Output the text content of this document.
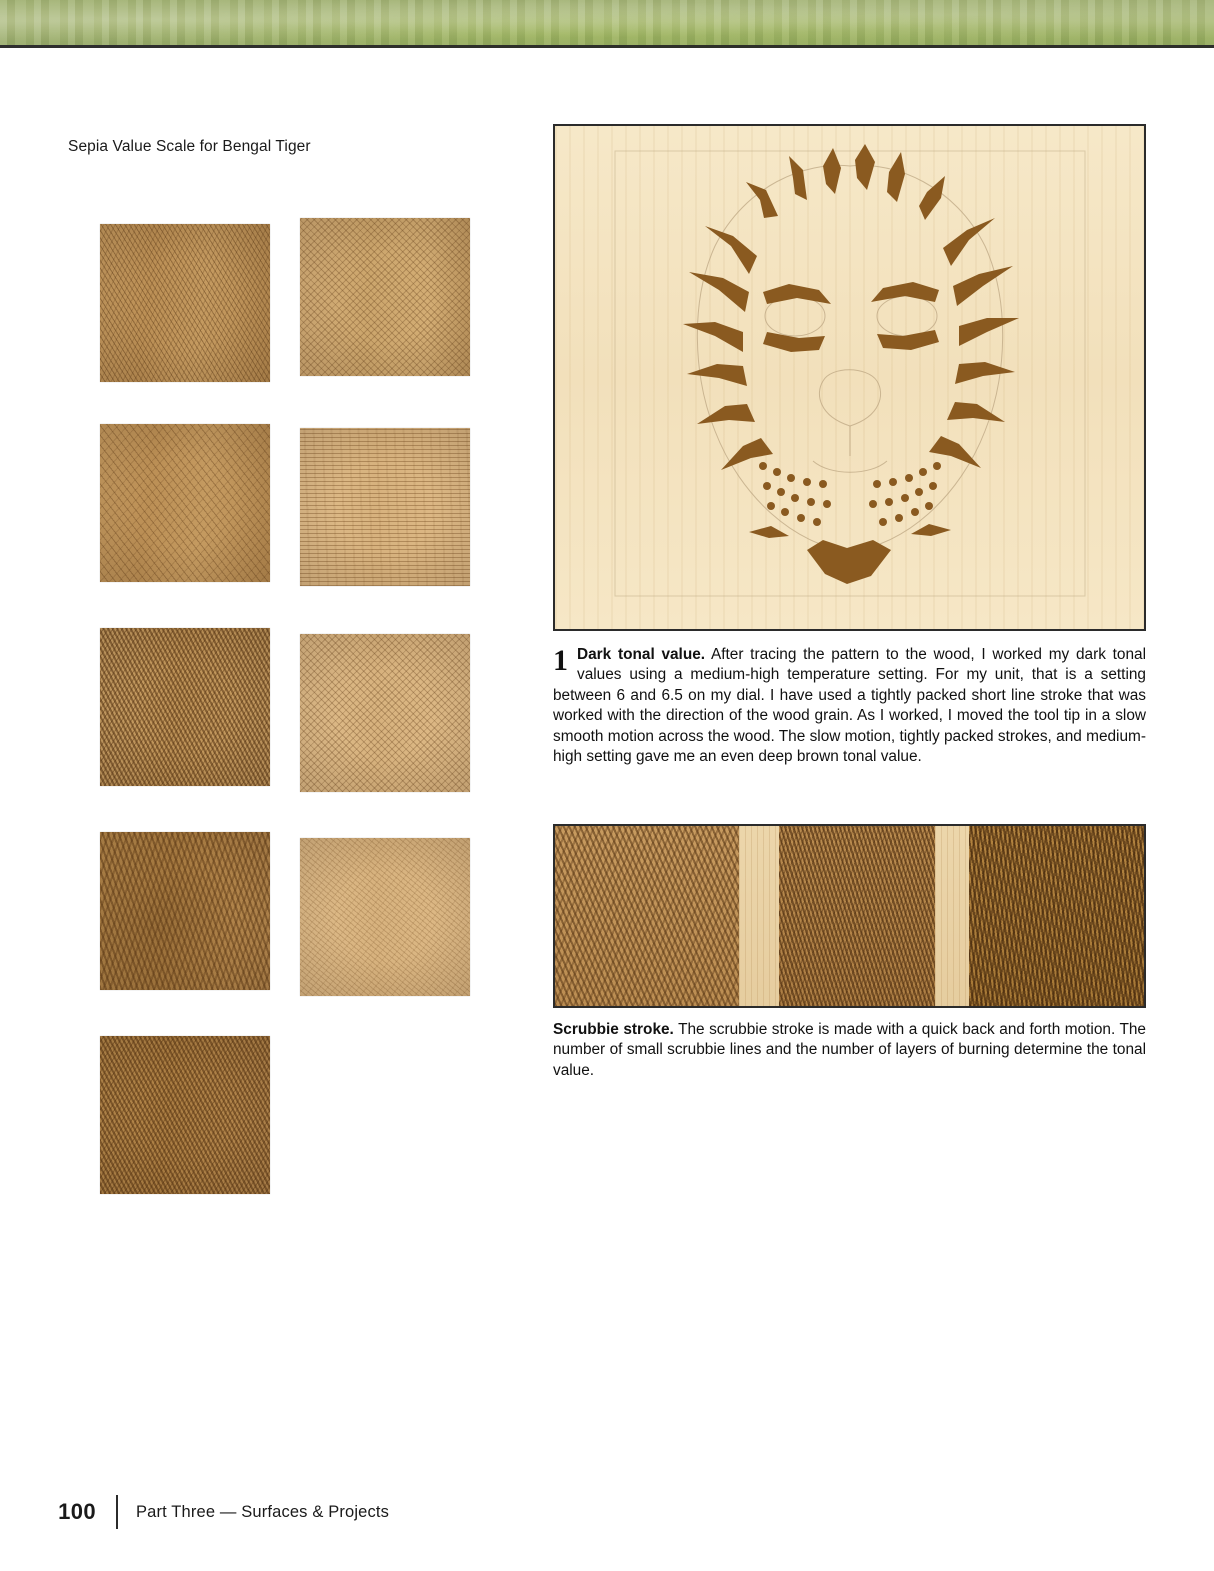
Sepia Value Scale for Bengal Tiger
1 Dark tonal value. After tracing the pattern to the wood, I worked my dark tonal values using a medium-high temperature setting. For my unit, that is a setting between 6 and 6.5 on my dial. I have used a tightly packed short line stroke that was worked with the direction of the wood grain. As I worked, I moved the tool tip in a slow smooth motion across the wood. The slow motion, tightly packed strokes, and medium-high setting gave me an even deep brown tonal value.
Scrubbie stroke. The scrubbie stroke is made with a quick back and forth motion. The number of small scrubbie lines and the number of layers of burning determine the tonal value.
100 Part Three — Surfaces & Projects
